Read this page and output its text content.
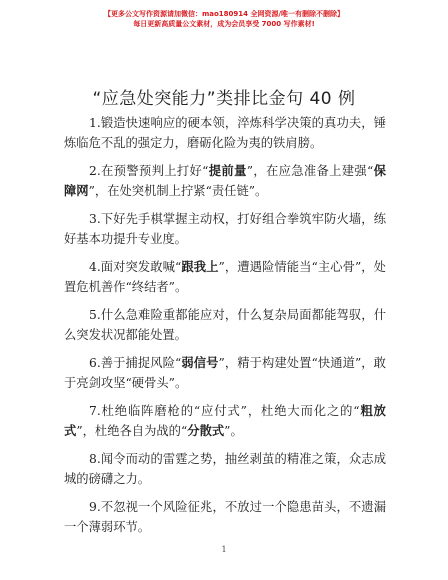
【更多公文写作资源请加微信：mao180914 全网资源/唯一有删除不删除】
每日更新高质量公文素材，成为会员享受 7000 写作素材!
“应急处突能力”类排比金句 40 例

1.锻造快速响应的硬本领，淬炼科学决策的真功夫，锤炼临危不乱的强定力，磨砺化险为夷的铁肩膀。

2.在预警预判上打好“提前量”，在应急准备上建强“保障网”，在处突机制上拧紧“责任链”。

3.下好先手棋掌握主动权，打好组合拳筑牢防火墙，练好基本功提升专业度。

4.面对突发敢喊“跟我上”，遭遇险情能当“主心骨”，处置危机善作“终结者”。

5.什么急难险重都能应对，什么复杂局面都能驾驭，什么突发状况都能处置。

6.善于捕捉风险“弱信号”，精于构建处置“快通道”，敢于亮剑攻坚“硬骨头”。

7.杜绝临阵磨枪的“应付式”，杜绝大而化之的“粗放式”，杜绝各自为战的“分散式”。

8.闻令而动的雷霆之势，抽丝剥茧的精准之策，众志成城的磅礴之力。

9.不忽视一个风险征兆，不放过一个隐患苗头，不遗漏一个薄弱环节。

1
